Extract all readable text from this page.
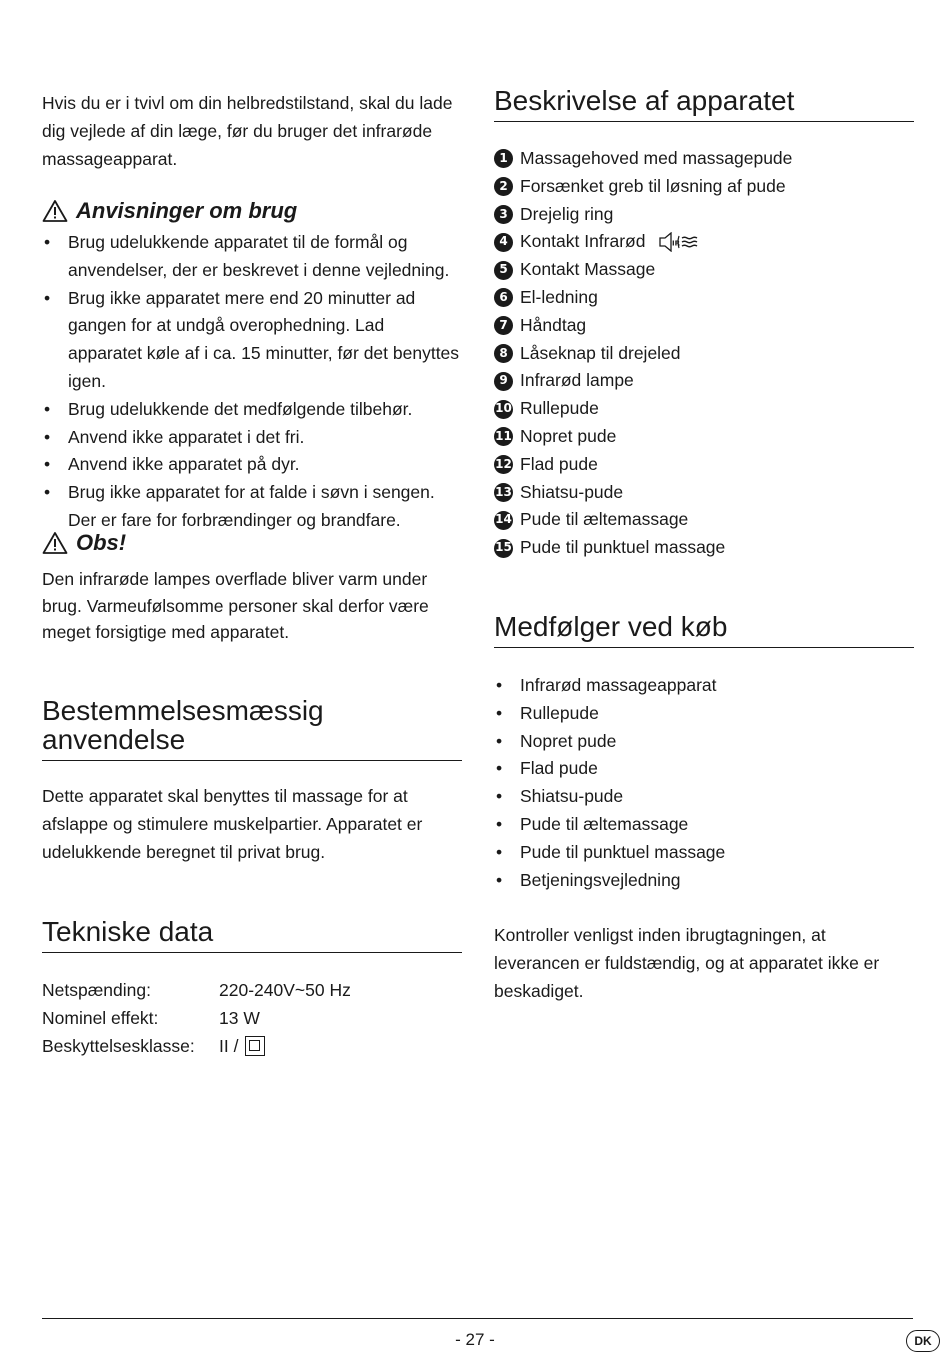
Hvis du er i tvivl om din helbredstilstand, skal du lade dig vejlede af din læge, før du bruger det infrarøde massageapparat.

Anvisninger om brug
• Brug udelukkende apparatet til de formål og anvendelser, der er beskrevet i denne vejledning.
• Brug ikke apparatet mere end 20 minutter ad gangen for at undgå overophedning. Lad apparatet køle af i ca. 15 minutter, før det benyttes igen.
• Brug udelukkende det medfølgende tilbehør.
• Anvend ikke apparatet i det fri.
• Anvend ikke apparatet på dyr.
• Brug ikke apparatet for at falde i søvn i sengen. Der er fare for forbrændinger og brandfare.
Obs!

Den infrarøde lampes overflade bliver varm under brug. Varmeufølsomme personer skal derfor være meget forsigtige med apparatet.

Bestemmelsesmæssig
anvendelse

Dette apparatet skal benyttes til massage for at afslappe og stimulere muskelpartier. Apparatet er udelukkende beregnet til privat brug.

Tekniske data
Netspænding:	220-240V~50 Hz
Nominel effekt:	13 W
Beskyttelsesklasse:	II /
Beskrivelse af apparatet
1 Massagehoved med massagepude
2 Forsænket greb til løsning af pude
3 Drejelig ring
4 Kontakt Infrarød	IR
5 Kontakt Massage
6 El-ledning
7 Håndtag
8 Låseknap til drejeled
9 Infrarød lampe
10 Rullepude
11 Nopret pude
12 Flad pude
13 Shiatsu-pude
14 Pude til æltemassage
15 Pude til punktuel massage
Medfølger ved køb
• Infrarød massageapparat
• Rullepude
• Nopret pude
• Flad pude
• Shiatsu-pude
• Pude til æltemassage
• Pude til punktuel massage
• Betjeningsvejledning

Kontroller venligst inden ibrugtagningen, at leverancen er fuldstændig, og at apparatet ikke er beskadiget.

- 27 -	DK
